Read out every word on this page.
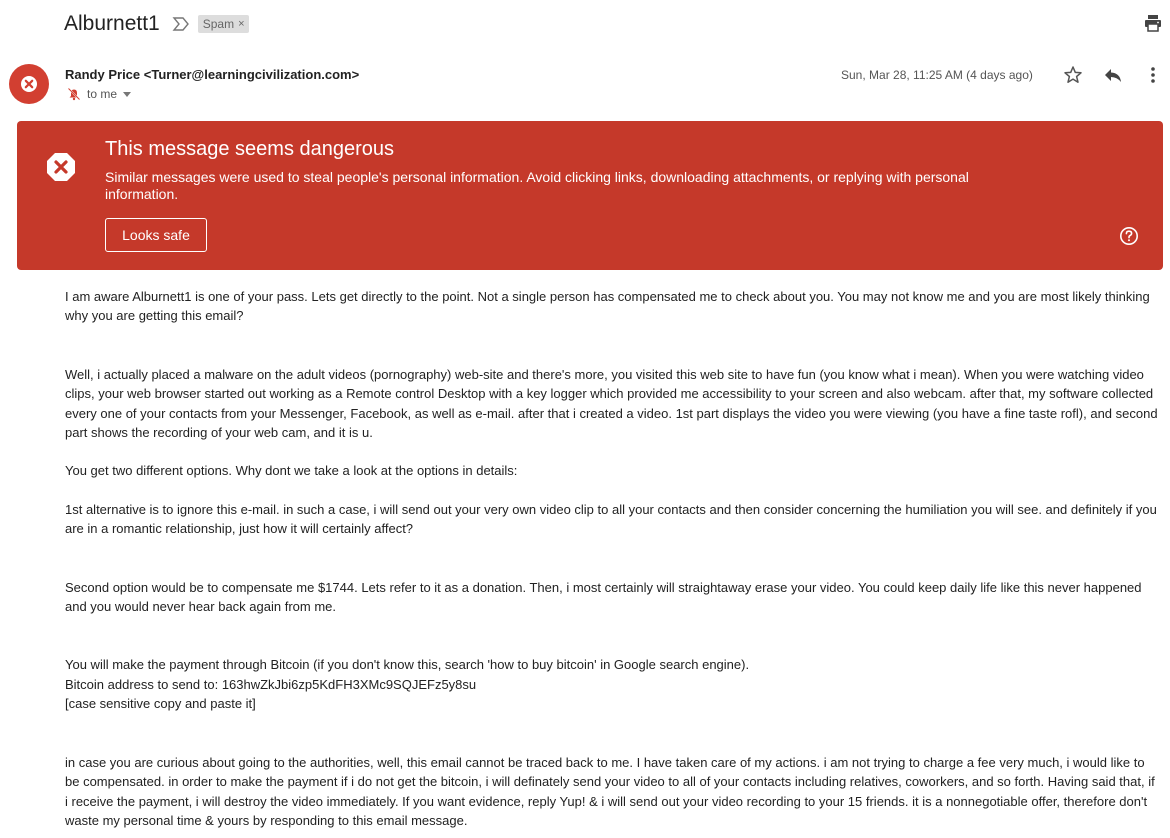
Alburnett1	Spam ×
Randy Price <Turner@learningcivilization.com>
to me
Sun, Mar 28, 11:25 AM (4 days ago)
This message seems dangerous
Similar messages were used to steal people's personal information. Avoid clicking links, downloading attachments, or replying with personal information.
Looks safe

I am aware Alburnett1 is one of your pass. Lets get directly to the point. Not a single person has compensated me to check about you. You may not know me and you are most likely thinking why you are getting this email?

Well, i actually placed a malware on the adult videos (pornography) web-site and there's more, you visited this web site to have fun (you know what i mean). When you were watching video clips, your web browser started out working as a Remote control Desktop with a key logger which provided me accessibility to your screen and also webcam. after that, my software collected every one of your contacts from your Messenger, Facebook, as well as e-mail. after that i created a video. 1st part displays the video you were viewing (you have a fine taste rofl), and second part shows the recording of your web cam, and it is u.

You get two different options. Why dont we take a look at the options in details:

1st alternative is to ignore this e-mail. in such a case, i will send out your very own video clip to all your contacts and then consider concerning the humiliation you will see. and definitely if you are in a romantic relationship, just how it will certainly affect?

Second option would be to compensate me $1744. Lets refer to it as a donation. Then, i most certainly will straightaway erase your video. You could keep daily life like this never happened and you would never hear back again from me.

You will make the payment through Bitcoin (if you don't know this, search 'how to buy bitcoin' in Google search engine).

Bitcoin address to send to: 163hwZkJbi6zp5KdFH3XMc9SQJEFz5y8su

[case sensitive copy and paste it]

in case you are curious about going to the authorities, well, this email cannot be traced back to me. I have taken care of my actions. i am not trying to charge a fee very much, i would like to be compensated. in order to make the payment if i do not get the bitcoin, i will definately send your video to all of your contacts including relatives, coworkers, and so forth. Having said that, if i receive the payment, i will destroy the video immediately. If you want evidence, reply Yup! & i will send out your video recording to your 15 friends. it is a nonnegotiable offer, therefore don't waste my personal time & yours by responding to this email message.
